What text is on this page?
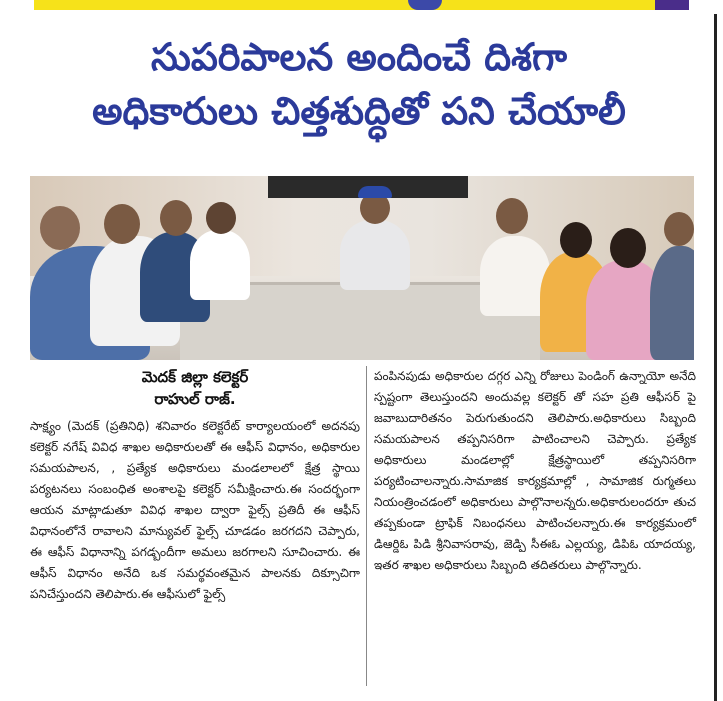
సుపరిపాలన అందించే దిశగా
అధికారులు చిత్తశుద్ధితో పని చేయాలీ
మెదక్ జిల్లా కలెక్టర్
రాహుల్ రాజ్.
సాక్ష్యం (మెదక్ (ప్రతినిధి) శనివారం కలెక్టరేట్ కార్యాలయంలో అదనపు కలెక్టర్ నగేష్ వివిధ శాఖల అధికారులతో ఈ ఆఫీస్ విధానం, అధికారుల సమయపాలన, , ప్రత్యేక అధికారులు మండలాలలో క్షేత్ర స్థాయి పర్యటనలు సంబంధిత అంశాలపై కలెక్టర్ సమీక్షించారు.ఈ సందర్భంగా ఆయన మాట్లాడుతూ వివిధ శాఖల ద్వారా ఫైల్స్ ప్రతిదీ ఈ ఆఫీస్ విధానంలోనే రావాలని మాన్యువల్ ఫైల్స్ చూడడం జరగదని చెప్పారు, ఈ ఆఫీస్ విధానాన్ని పగడ్బందీగా అమలు జరగాలని సూచించారు. ఈ ఆఫీస్ విధానం అనేది ఒక సమర్థవంతమైన పాలనకు దిక్సూచిగా పనిచేస్తుందని తెలిపారు.ఈ ఆఫీసులో ఫైల్స్
పంపినపుడు అధికారుల దగ్గర ఎన్ని రోజులు పెండింగ్ ఉన్నాయో అనేది స్పష్టంగా తెలుస్తుందని అందువల్ల కలెక్టర్ తో సహ ప్రతి ఆఫీసర్ పై జవాబుదారితనం పెరుగుతుందని తెలిపారు.అధికారులు సిబ్బంది సమయపాలన తప్పనిసరిగా పాటించాలని చెప్పారు. ప్రత్యేక అధికారులు మండలాల్లో క్షేత్రస్థాయిలో తప్పనిసరిగా పర్యటించాలన్నారు.సామాజిక కార్యక్రమాల్లో , సామాజిక రుగ్మతలు నియంత్రించడంలో అధికారులు పాల్గొనాలన్నరు.అధికారులందరూ తుచ తప్పకుండా ట్రాఫిక్ నిబంధనలు పాటించలన్నారు.ఈ కార్యక్రమంలో డిఆర్డిఓ పిడి శ్రీనివాసరావు, జెడ్పి సీఈఓ ఎల్లయ్య, డిపిఓ యాదయ్య, ఇతర శాఖల అధికారులు సిబ్బంది తదితరులు పాల్గొన్నారు.
